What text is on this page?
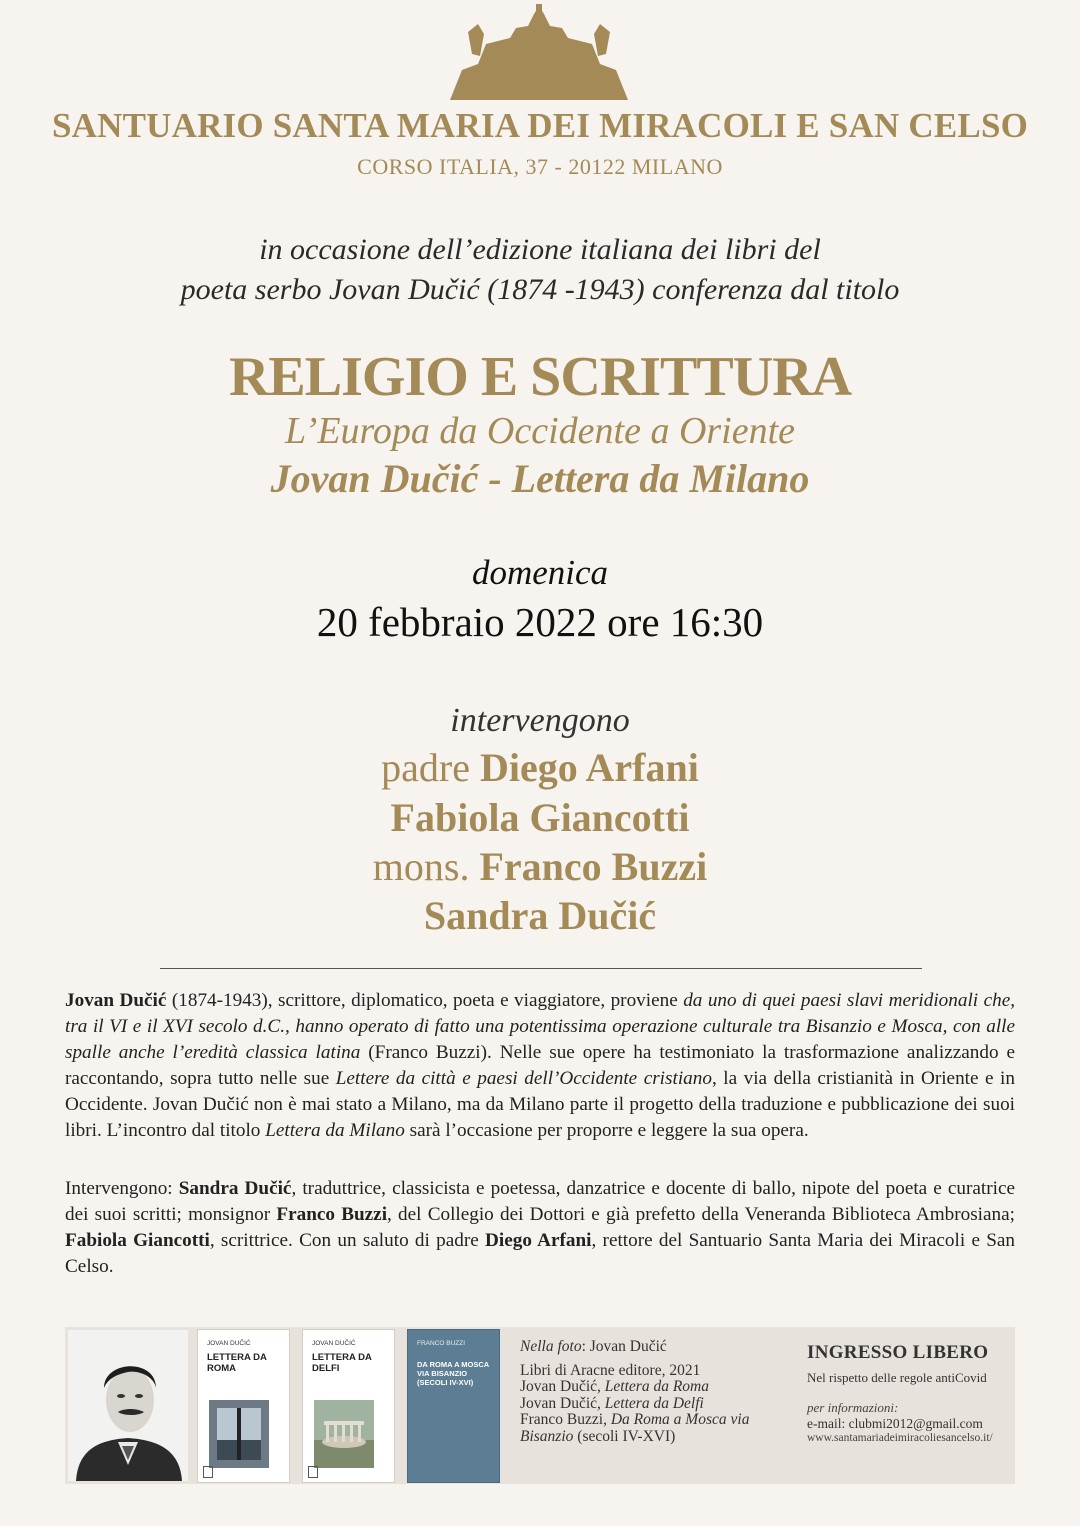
SANTUARIO SANTA MARIA DEI MIRACOLI E SAN CELSO
CORSO ITALIA, 37 - 20122 MILANO
in occasione dell’edizione italiana dei libri del
poeta serbo Jovan Dučić (1874 -1943) conferenza dal titolo
RELIGIO E SCRITTURA
L’Europa da Occidente a Oriente
Jovan Dučić - Lettera da Milano
domenica
20 febbraio 2022 ore 16:30
intervengono
padre Diego Arfani
Fabiola Giancotti
mons. Franco Buzzi
Sandra Dučić

Jovan Dučić (1874-1943), scrittore, diplomatico, poeta e viaggiatore, proviene da uno di quei paesi slavi meridionali che, tra il VI e il XVI secolo d.C., hanno operato di fatto una potentissima operazione culturale tra Bisanzio e Mosca, con alle spalle anche l’eredità classica latina (Franco Buzzi). Nelle sue opere ha testimoniato la trasformazione analizzando e raccontando, sopra tutto nelle sue Lettere da città e paesi dell’Occidente cristiano, la via della cristianità in Oriente e in Occidente. Jovan Dučić non è mai stato a Milano, ma da Milano parte il progetto della traduzione e pubblicazione dei suoi libri. L’incontro dal titolo Lettera da Milano sarà l’occasione per proporre e leggere la sua opera.

Intervengono: Sandra Dučić, traduttrice, classicista e poetessa, danzatrice e docente di ballo, nipote del poeta e curatrice dei suoi scritti; monsignor Franco Buzzi, del Collegio dei Dottori e già prefetto della Veneranda Biblioteca Ambrosiana; Fabiola Giancotti, scrittrice. Con un saluto di padre Diego Arfani, rettore del Santuario Santa Maria dei Miracoli e San Celso.

JOVAN DUČIĆ
LETTERA DA ROMA
JOVAN DUČIĆ
LETTERA DA DELFI
FRANCO BUZZI
DA ROMA A MOSCA VIA BISANZIO (SECOLI IV-XVI)
Nella foto: Jovan Dučić
Libri di Aracne editore, 2021
Jovan Dučić, Lettera da Roma
Jovan Dučić, Lettera da Delfi
Franco Buzzi, Da Roma a Mosca via Bisanzio (secoli IV-XVI)
INGRESSO LIBERO
Nel rispetto delle regole antiCovid
per informazioni:
e-mail: clubmi2012@gmail.com
www.santamariadeimiracoliesancelso.it/
